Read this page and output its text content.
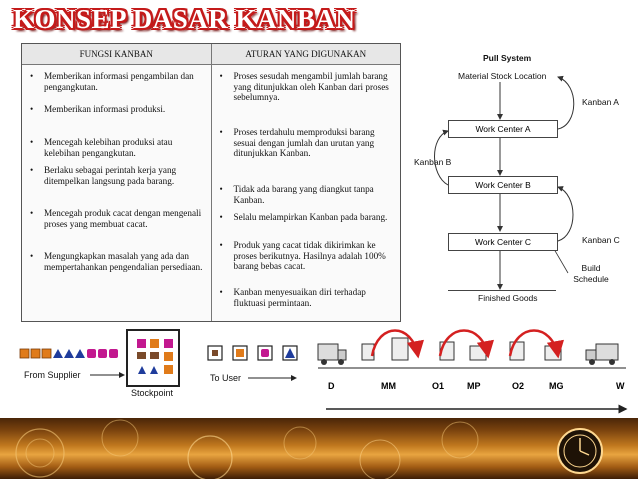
KONSEP DASAR KANBAN
FUNGSI KANBAN	ATURAN YANG DIGUNAKAN
• Memberikan informasi pengambilan dan pengangkutan.
• Memberikan informasi produksi.
• Mencegah kelebihan produksi atau kelebihan pengangkutan.
• Berlaku sebagai perintah kerja yang ditempelkan langsung pada barang.
• Mencegah produk cacat dengan mengenali proses yang membuat cacat.
• Mengungkapkan masalah yang ada dan mempertahankan pengendalian persediaan.
• Proses sesudah mengambil jumlah barang yang ditunjukkan oleh Kanban dari proses sebelumnya.
• Proses terdahulu memproduksi barang sesuai dengan jumlah dan urutan yang ditunjukkan Kanban.
• Tidak ada barang yang diangkut tanpa Kanban.
• Selalu melampirkan Kanban pada barang.
• Produk yang cacat tidak dikirimkan ke proses berikutnya. Hasilnya adalah 100% barang bebas cacat.
• Kanban menyesuaikan diri terhadap fluktuasi permintaan.
Pull System
Material Stock Location
Work Center A
Work Center B
Work Center C
Finished Goods
Kanban A
Kanban B
Kanban C
Build Schedule
From Supplier
Stockpoint
To User
D	MM	O1	MP	O2	MG	W
